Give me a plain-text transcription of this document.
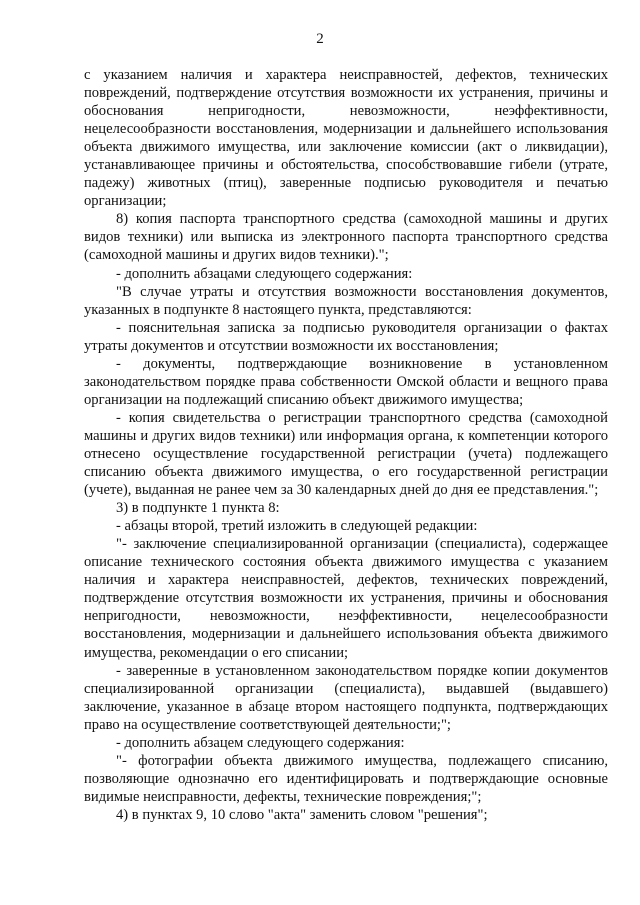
2

с указанием наличия и характера неисправностей, дефектов, технических повреждений, подтверждение отсутствия возможности их устранения, причины и обоснования непригодности, невозможности, неэффективности, нецелесообразности восстановления, модернизации и дальнейшего использования объекта движимого имущества, или заключение комиссии (акт о ликвидации), устанавливающее причины и обстоятельства, способствовавшие гибели (утрате, падежу) животных (птиц), заверенные подписью руководителя и печатью организации;

8) копия паспорта транспортного средства (самоходной машины и других видов техники) или выписка из электронного паспорта транспортного средства (самоходной машины и других видов техники).";

- дополнить абзацами следующего содержания:

"В случае утраты и отсутствия возможности восстановления документов, указанных в подпункте 8 настоящего пункта, представляются:

- пояснительная записка за подписью руководителя организации о фактах утраты документов и отсутствии возможности их восстановления;

- документы, подтверждающие возникновение в установленном законодательством порядке права собственности Омской области и вещного права организации на подлежащий списанию объект движимого имущества;

- копия свидетельства о регистрации транспортного средства (самоходной машины и других видов техники) или информация органа, к компетенции которого отнесено осуществление государственной регистрации (учета) подлежащего списанию объекта движимого имущества, о его государственной регистрации (учете), выданная не ранее чем за 30 календарных дней до дня ее представления.";

3) в подпункте 1 пункта 8:

- абзацы второй, третий изложить в следующей редакции:

"- заключение специализированной организации (специалиста), содержащее описание технического состояния объекта движимого имущества с указанием наличия и характера неисправностей, дефектов, технических повреждений, подтверждение отсутствия возможности их устранения, причины и обоснования непригодности, невозможности, неэффективности, нецелесообразности восстановления, модернизации и дальнейшего использования объекта движимого имущества, рекомендации о его списании;

- заверенные в установленном законодательством порядке копии документов специализированной организации (специалиста), выдавшей (выдавшего) заключение, указанное в абзаце втором настоящего подпункта, подтверждающих право на осуществление соответствующей деятельности;";

- дополнить абзацем следующего содержания:

"- фотографии объекта движимого имущества, подлежащего списанию, позволяющие однозначно его идентифицировать и подтверждающие основные видимые неисправности, дефекты, технические повреждения;";

4) в пунктах 9, 10 слово "акта" заменить словом "решения";
